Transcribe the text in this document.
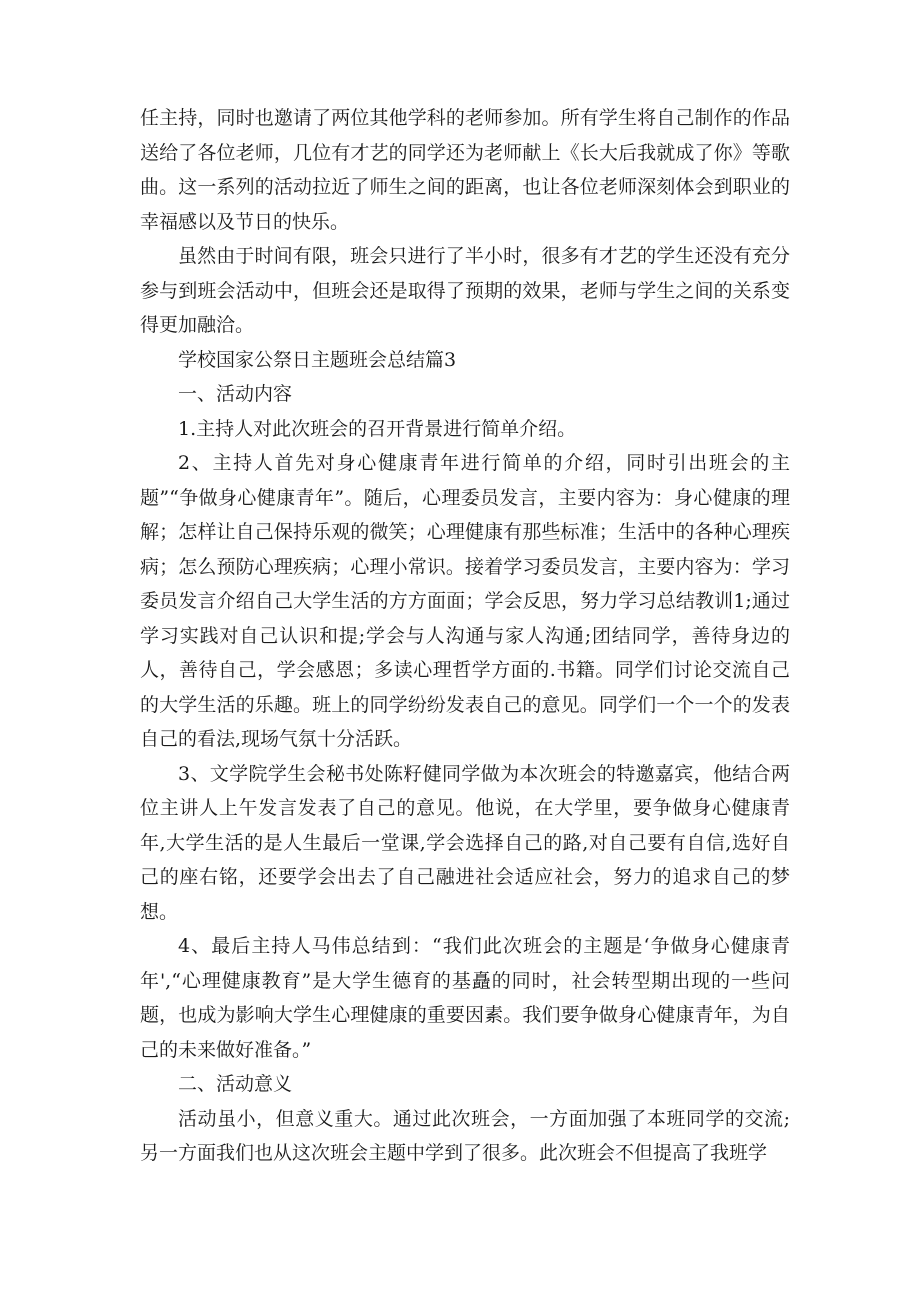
任主持，同时也邀请了两位其他学科的老师参加。所有学生将自己制作的作品送给了各位老师，几位有才艺的同学还为老师献上《长大后我就成了你》等歌曲。这一系列的活动拉近了师生之间的距离，也让各位老师深刻体会到职业的幸福感以及节日的快乐。

虽然由于时间有限，班会只进行了半小时，很多有才艺的学生还没有充分参与到班会活动中，但班会还是取得了预期的效果，老师与学生之间的关系变得更加融洽。

学校国家公祭日主题班会总结篇3

一、活动内容

1.主持人对此次班会的召开背景进行简单介绍。

2、主持人首先对身心健康青年进行简单的介绍，同时引出班会的主题”“争做身心健康青年”。随后，心理委员发言，主要内容为：身心健康的理解；怎样让自己保持乐观的微笑；心理健康有那些标准；生活中的各种心理疾病；怎么预防心理疾病；心理小常识。接着学习委员发言，主要内容为：学习委员发言介绍自己大学生活的方方面面；学会反思，努力学习总结教训1;通过学习实践对自己认识和提;学会与人沟通与家人沟通;团结同学，善待身边的人，善待自己，学会感恩；多读心理哲学方面的.书籍。同学们讨论交流自己的大学生活的乐趣。班上的同学纷纷发表自己的意见。同学们一个一个的发表自己的看法,现场气氛十分活跃。

3、文学院学生会秘书处陈籽健同学做为本次班会的特邀嘉宾，他结合两位主讲人上午发言发表了自己的意见。他说，在大学里，要争做身心健康青年,大学生活的是人生最后一堂课,学会选择自己的路,对自己要有自信,选好自己的座右铭，还要学会出去了自己融进社会适应社会，努力的追求自己的梦想。

4、最后主持人马伟总结到：“我们此次班会的主题是‘争做身心健康青年',“心理健康教育”是大学生德育的基矗的同时，社会转型期出现的一些问题，也成为影响大学生心理健康的重要因素。我们要争做身心健康青年，为自己的未来做好准备。”

二、活动意义

活动虽小，但意义重大。通过此次班会，一方面加强了本班同学的交流;另一方面我们也从这次班会主题中学到了很多。此次班会不但提高了我班学
